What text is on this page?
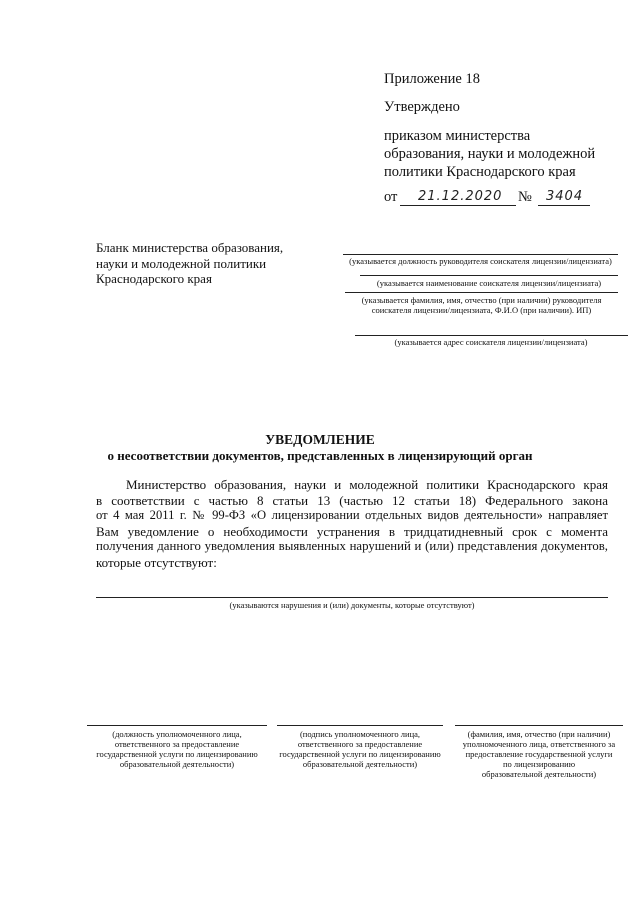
Приложение 18
Утверждено
приказом министерства
образования, науки и молодежной
политики Краснодарского края
от 21.12.2020 № 3404
Бланк министерства образования,
науки и молодежной политики
Краснодарского края
(указывается должность руководителя соискателя лицензии/лицензиата)
(указывается наименование соискателя лицензии/лицензиата)
(указывается фамилия, имя, отчество (при наличии) руководителя
соискателя лицензии/лицензиата, Ф.И.О (при наличии). ИП)
(указывается адрес соискателя лицензии/лицензиата)
УВЕДОМЛЕНИЕ
о несоответствии документов, представленных в лицензирующий орган
Министерство образования, науки и молодежной политики Краснодарского края
в соответствии с частью 8 статьи 13 (частью 12 статьи 18) Федерального закона
от 4 мая 2011 г. № 99-ФЗ «О лицензировании отдельных видов деятельности» направляет
Вам уведомление о необходимости устранения в тридцатидневный срок с момента
получения данного уведомления выявленных нарушений и (или) представления документов,
которые отсутствуют:
(указываются нарушения и (или) документы, которые отсутствуют)
(должность уполномоченного лица,
ответственного за предоставление
государственной услуги по лицензированию
образовательной деятельности)
(подпись уполномоченного лица,
ответственного за предоставление
государственной услуги по лицензированию
образовательной деятельности)
(фамилия, имя, отчество (при наличии)
уполномоченного лица, ответственного за
предоставление государственной услуги
по лицензированию
образовательной деятельности)
